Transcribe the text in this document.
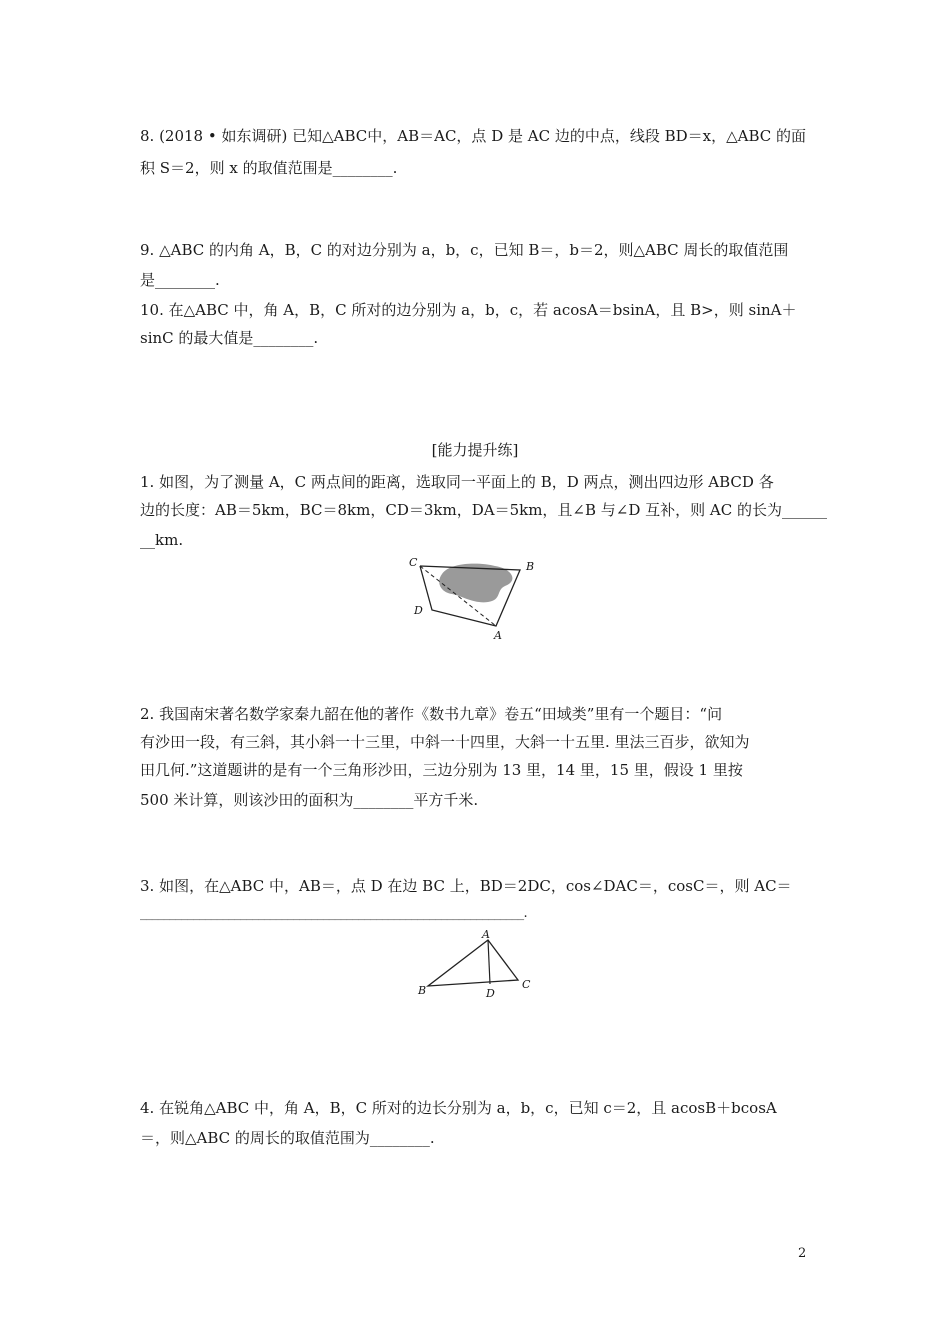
8. (2018 • 如东调研) 已知△ABC中，AB＝AC，点 D 是 AC 边的中点，线段 BD＝x，△ABC 的面
积 S＝2，则 x 的取值范围是________.
9. △ABC 的内角 A，B，C 的对边分别为 a，b，c，已知 B＝，b＝2，则△ABC 周长的取值范围
是________.
10. 在△ABC 中，角 A，B，C 所对的边分别为 a，b，c，若 acosA＝bsinA，且 B>，则 sinA＋
sinC 的最大值是________.
[能力提升练]
1. 如图，为了测量 A，C 两点间的距离，选取同一平面上的 B，D 两点，测出四边形 ABCD 各
边的长度：AB＝5km，BC＝8km，CD＝3km，DA＝5km，且∠B 与∠D 互补，则 AC 的长为______
__km.
C	B
D
A
2. 我国南宋著名数学家秦九韶在他的著作《数书九章》卷五“田域类”里有一个题目：“问
有沙田一段，有三斜，其小斜一十三里，中斜一十四里，大斜一十五里. 里法三百步，欲知为
田几何.”这道题讲的是有一个三角形沙田，三边分别为 13 里，14 里，15 里，假设 1 里按
500 米计算，则该沙田的面积为________平方千米.
3. 如图，在△ABC 中，AB＝，点 D 在边 BC 上，BD＝2DC，cos∠DAC＝，cosC＝，则 AC＝
_________________________________________________________________.
A
B	D
C
4. 在锐角△ABC 中，角 A，B，C 所对的边长分别为 a，b，c，已知 c＝2，且 acosB＋bcosA
＝，则△ABC 的周长的取值范围为________.
2
